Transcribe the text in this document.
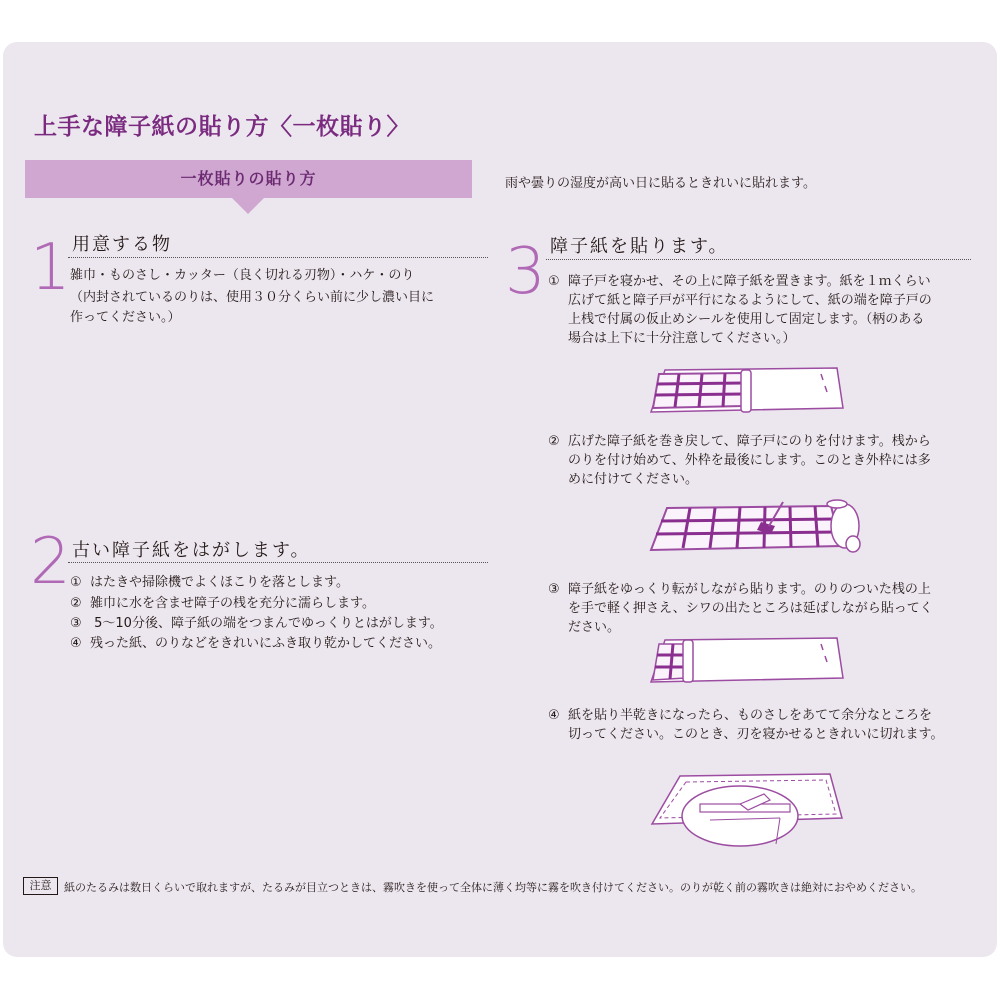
上手な障子紙の貼り方〈一枚貼り〉
一枚貼りの貼り方	雨や曇りの湿度が高い日に貼るときれいに貼れます。
1 用意する物
雑巾・ものさし・カッター（良く切れる刃物）・ハケ・のり
（内封されているのりは、使用３０分くらい前に少し濃い目に
作ってください。）
2 古い障子紙をはがします。
① はたきや掃除機でよくほこりを落とします。
② 雑巾に水を含ませ障子の桟を充分に濡らします。
③ 5〜10分後、障子紙の端をつまんでゆっくりとはがします。
④ 残った紙、のりなどをきれいにふき取り乾かしてください。
3 障子紙を貼ります。
① 障子戸を寝かせ、その上に障子紙を置きます。紙を１ｍくらい
広げて紙と障子戸が平行になるようにして、紙の端を障子戸の
上桟で付属の仮止めシールを使用して固定します。（柄のある
場合は上下に十分注意してください。）
② 広げた障子紙を巻き戻して、障子戸にのりを付けます。桟から
のりを付け始めて、外枠を最後にします。このとき外枠には多
めに付けてください。
③ 障子紙をゆっくり転がしながら貼ります。のりのついた桟の上
を手で軽く押さえ、シワの出たところは延ばしながら貼ってく
ださい。
④ 紙を貼り半乾きになったら、ものさしをあてて余分なところを
切ってください。このとき、刃を寝かせるときれいに切れます。
注意	紙のたるみは数日くらいで取れますが、たるみが目立つときは、霧吹きを使って全体に薄く均等に霧を吹き付けてください。のりが乾く前の霧吹きは絶対におやめください。
